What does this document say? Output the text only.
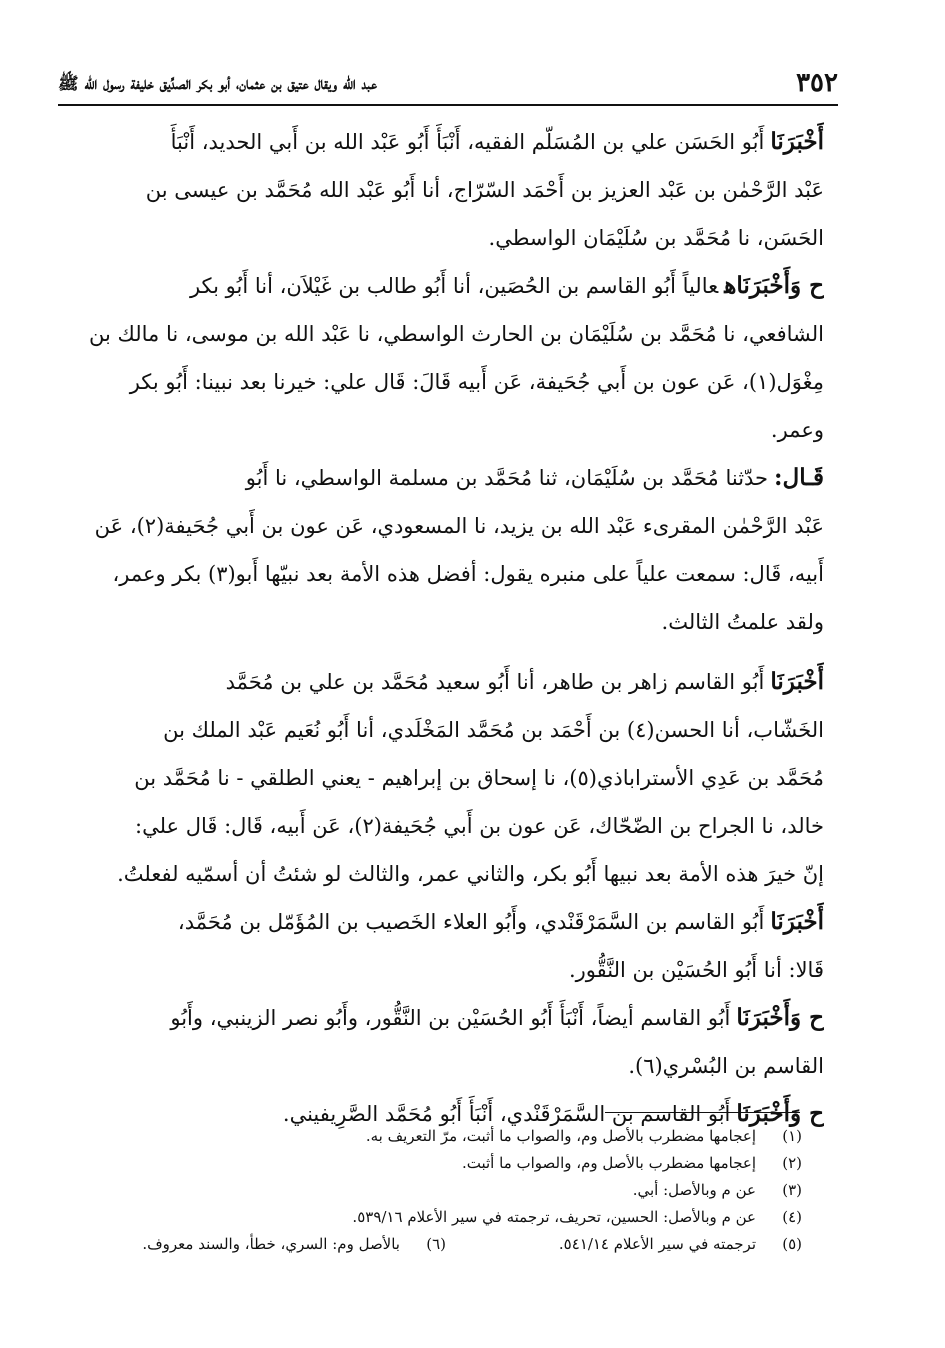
٣٥٢
عبد الله ويقال عتيق بن عثمان، أبو بكر الصدِّيق خليفة رسول الله ﷺ

أَخْبَرَنَاأَبُو الحَسَن علي بن المُسَلّم الفقيه، أَنْبَأَ أَبُو عَبْد الله بن أَبي الحديد، أَنْبَأَ
عَبْد الرَّحْمٰن بن عَبْد العزيز بن أَحْمَد السّرّاج، أنا أَبُو عَبْد الله مُحَمَّد بن عيسى بن
الحَسَن، نا مُحَمَّد بن سُلَيْمَان الواسطي.

ح وَأَخْبَرَنَاهعالياً أَبُو القاسم بن الحُصَين، أنا أَبُو طالب بن غَيْلاَن، أنا أَبُو بكر
الشافعي، نا مُحَمَّد بن سُلَيْمَان بن الحارث الواسطي، نا عَبْد الله بن موسى، نا مالك بن
مِغْوَل(١)، عَن عون بن أَبي جُحَيفة، عَن أَبيه قَالَ: قَال علي: خيرنا بعد نبينا: أَبُو بكر
وعمر.

قَـال:حدّثنا مُحَمَّد بن سُلَيْمَان، ثنا مُحَمَّد بن مسلمة الواسطي، نا أَبُو
عَبْد الرَّحْمٰن المقرىء عَبْد الله بن يزيد، نا المسعودي، عَن عون بن أَبي جُحَيفة(٢)، عَن
أَبيه، قَال: سمعت علياً على منبره يقول: أفضل هذه الأمة بعد نبيّها أَبو(٣) بكر وعمر،
ولقد علمتُ الثالث.

أَخْبَرَنَاأَبُو القاسم زاهر بن طاهر، أنا أَبُو سعيد مُحَمَّد بن علي بن مُحَمَّد
الخَشّاب، أنا الحسن(٤) بن أَحْمَد بن مُحَمَّد المَخْلَدي، أنا أَبُو نُعَيم عَبْد الملك بن
مُحَمَّد بن عَدِي الأستراباذي(٥)، نا إسحاق بن إبراهيم - يعني الطلقي - نا مُحَمَّد بن
خالد، نا الجراح بن الضّحّاك، عَن عون بن أَبي جُحَيفة(٢)، عَن أَبيه، قَال: قَال علي:
إنّ خيرَ هذه الأمة بعد نبيها أَبُو بكر، والثاني عمر، والثالث لو شئتُ أن أسمّيه لفعلتُ.

أَخْبَرَنَاأَبُو القاسم بن السَّمَرْقَنْدي، وأَبُو العلاء الخَصيب بن المُؤَمّل بن مُحَمَّد،
قَالا: أنا أَبُو الحُسَيْن بن النَّقُّور.

ح وَأَخْبَرَنَاأَبُو القاسم أيضاً، أَنْبَأَ أَبُو الحُسَيْن بن النَّقُّور، وأَبُو نصر الزينبي، وأَبُو
القاسم بن البُسْري(٦).

ح وَأَخْبَرَنَاأَبُو القاسم بن السَّمَرْقَنْدي، أَنْبَأَ أَبُو مُحَمَّد الصَّرِيفيني.

(١)
إعجامها مضطرب بالأصل وم، والصواب ما أثبت، مرّ التعريف به.
(٢)
إعجامها مضطرب بالأصل وم، والصواب ما أثبت.
(٣)
عن م وبالأصل: أبي.
(٤)
عن م وبالأصل: الحسين، تحريف، ترجمته في سير الأعلام ٥٣٩/١٦.
(٥)
ترجمته في سير الأعلام ٥٤١/١٤.
(٦)
بالأصل وم: السري، خطأ، والسند معروف.
